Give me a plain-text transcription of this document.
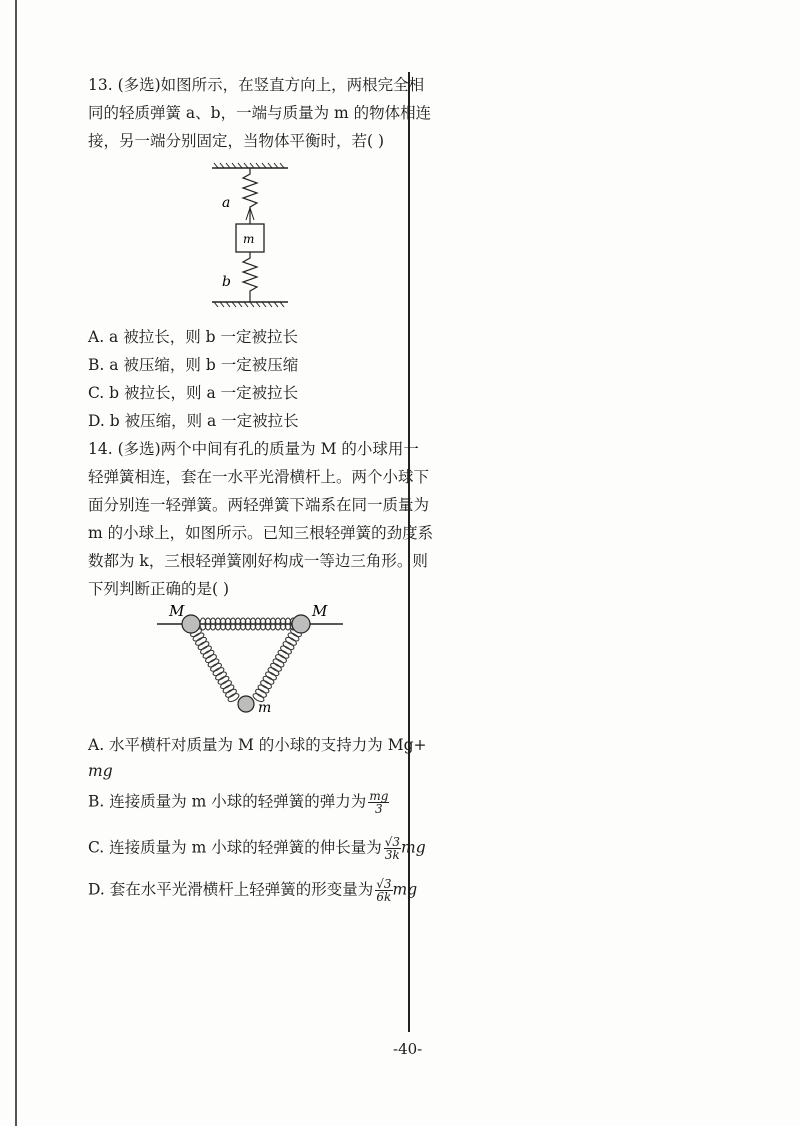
13. (多选)如图所示，在竖直方向上，两根完全相
同的轻质弹簧 a、b，一端与质量为 m 的物体相连
接，另一端分别固定，当物体平衡时，若( )
a
m
b
A. a 被拉长，则 b 一定被拉长
B. a 被压缩，则 b 一定被压缩
C. b 被拉长，则 a 一定被拉长
D. b 被压缩，则 a 一定被拉长
14. (多选)两个中间有孔的质量为 M 的小球用一
轻弹簧相连，套在一水平光滑横杆上。两个小球下
面分别连一轻弹簧。两轻弹簧下端系在同一质量为
m 的小球上，如图所示。已知三根轻弹簧的劲度系
数都为 k，三根轻弹簧刚好构成一等边三角形。则
下列判断正确的是( )
M	M
m
A. 水平横杆对质量为 M 的小球的支持力为 Mg+
mg
B. 连接质量为 m 小球的轻弹簧的弹力为 $\frac{mg}{3}$
C. 连接质量为 m 小球的轻弹簧的伸长量为 $\frac{√3}{3k}$ mg
D. 套在水平光滑横杆上轻弹簧的形变量为 $\frac{√3}{6k}$ mg
-40-
